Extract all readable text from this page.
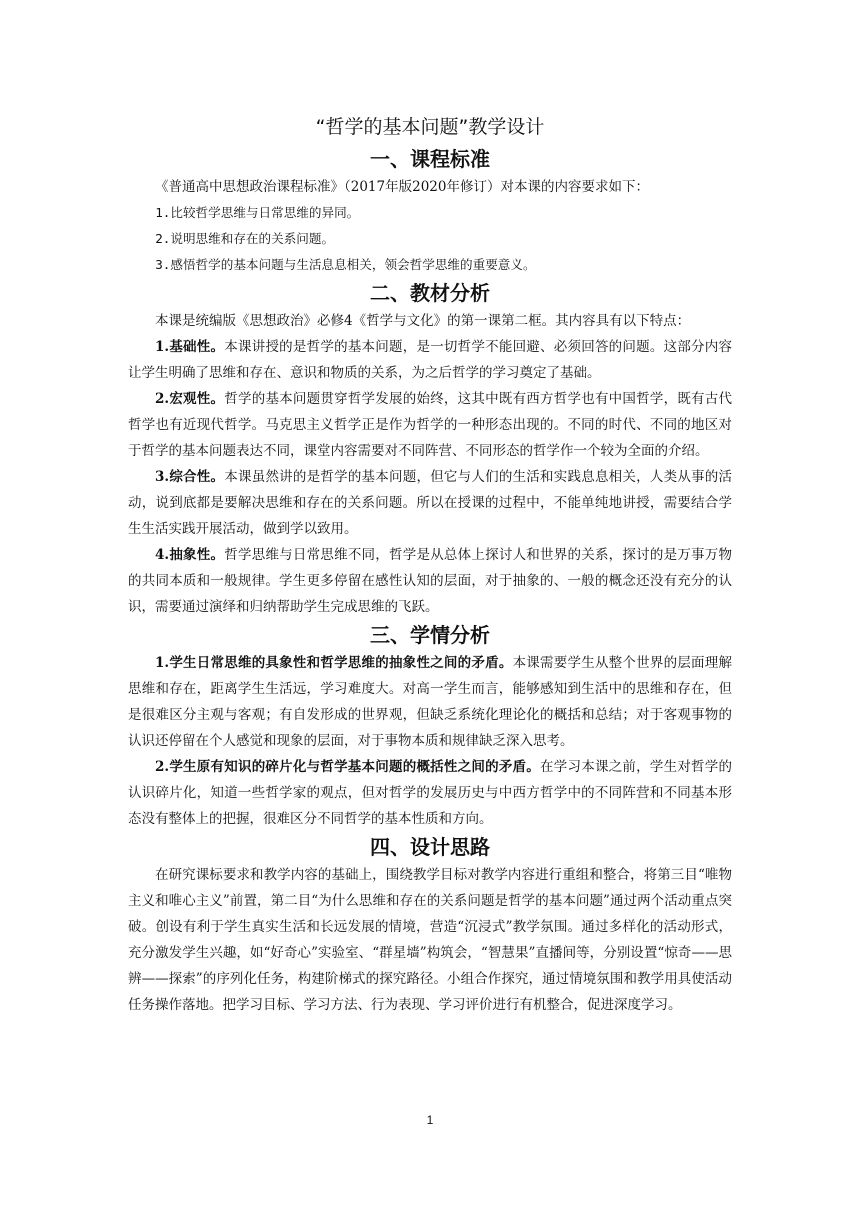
“哲学的基本问题”教学设计
一、课程标准

《普通高中思想政治课程标准》（2017年版2020年修订）对本课的内容要求如下：

1.比较哲学思维与日常思维的异同。

2.说明思维和存在的关系问题。

3.感悟哲学的基本问题与生活息息相关，领会哲学思维的重要意义。

二、教材分析

本课是统编版《思想政治》必修4《哲学与文化》的第一课第二框。其内容具有以下特点：

1.基础性。本课讲授的是哲学的基本问题，是一切哲学不能回避、必须回答的问题。这部分内容让学生明确了思维和存在、意识和物质的关系，为之后哲学的学习奠定了基础。

2.宏观性。哲学的基本问题贯穿哲学发展的始终，这其中既有西方哲学也有中国哲学，既有古代哲学也有近现代哲学。马克思主义哲学正是作为哲学的一种形态出现的。不同的时代、不同的地区对于哲学的基本问题表达不同，课堂内容需要对不同阵营、不同形态的哲学作一个较为全面的介绍。

3.综合性。本课虽然讲的是哲学的基本问题，但它与人们的生活和实践息息相关，人类从事的活动，说到底都是要解决思维和存在的关系问题。所以在授课的过程中，不能单纯地讲授，需要结合学生生活实践开展活动，做到学以致用。

4.抽象性。哲学思维与日常思维不同，哲学是从总体上探讨人和世界的关系，探讨的是万事万物的共同本质和一般规律。学生更多停留在感性认知的层面，对于抽象的、一般的概念还没有充分的认识，需要通过演绎和归纳帮助学生完成思维的飞跃。

三、学情分析

1.学生日常思维的具象性和哲学思维的抽象性之间的矛盾。本课需要学生从整个世界的层面理解思维和存在，距离学生生活远，学习难度大。对高一学生而言，能够感知到生活中的思维和存在，但是很难区分主观与客观；有自发形成的世界观，但缺乏系统化理论化的概括和总结；对于客观事物的认识还停留在个人感觉和现象的层面，对于事物本质和规律缺乏深入思考。

2.学生原有知识的碎片化与哲学基本问题的概括性之间的矛盾。在学习本课之前，学生对哲学的认识碎片化，知道一些哲学家的观点，但对哲学的发展历史与中西方哲学中的不同阵营和不同基本形态没有整体上的把握，很难区分不同哲学的基本性质和方向。

四、设计思路

在研究课标要求和教学内容的基础上，围绕教学目标对教学内容进行重组和整合，将第三目“唯物主义和唯心主义”前置，第二目“为什么思维和存在的关系问题是哲学的基本问题”通过两个活动重点突破。创设有利于学生真实生活和长远发展的情境，营造“沉浸式”教学氛围。通过多样化的活动形式，充分激发学生兴趣，如“好奇心”实验室、“群星墙”构筑会，“智慧果”直播间等，分别设置“惊奇——思辨——探索”的序列化任务，构建阶梯式的探究路径。小组合作探究，通过情境氛围和教学用具使活动任务操作落地。把学习目标、学习方法、行为表现、学习评价进行有机整合，促进深度学习。

1
